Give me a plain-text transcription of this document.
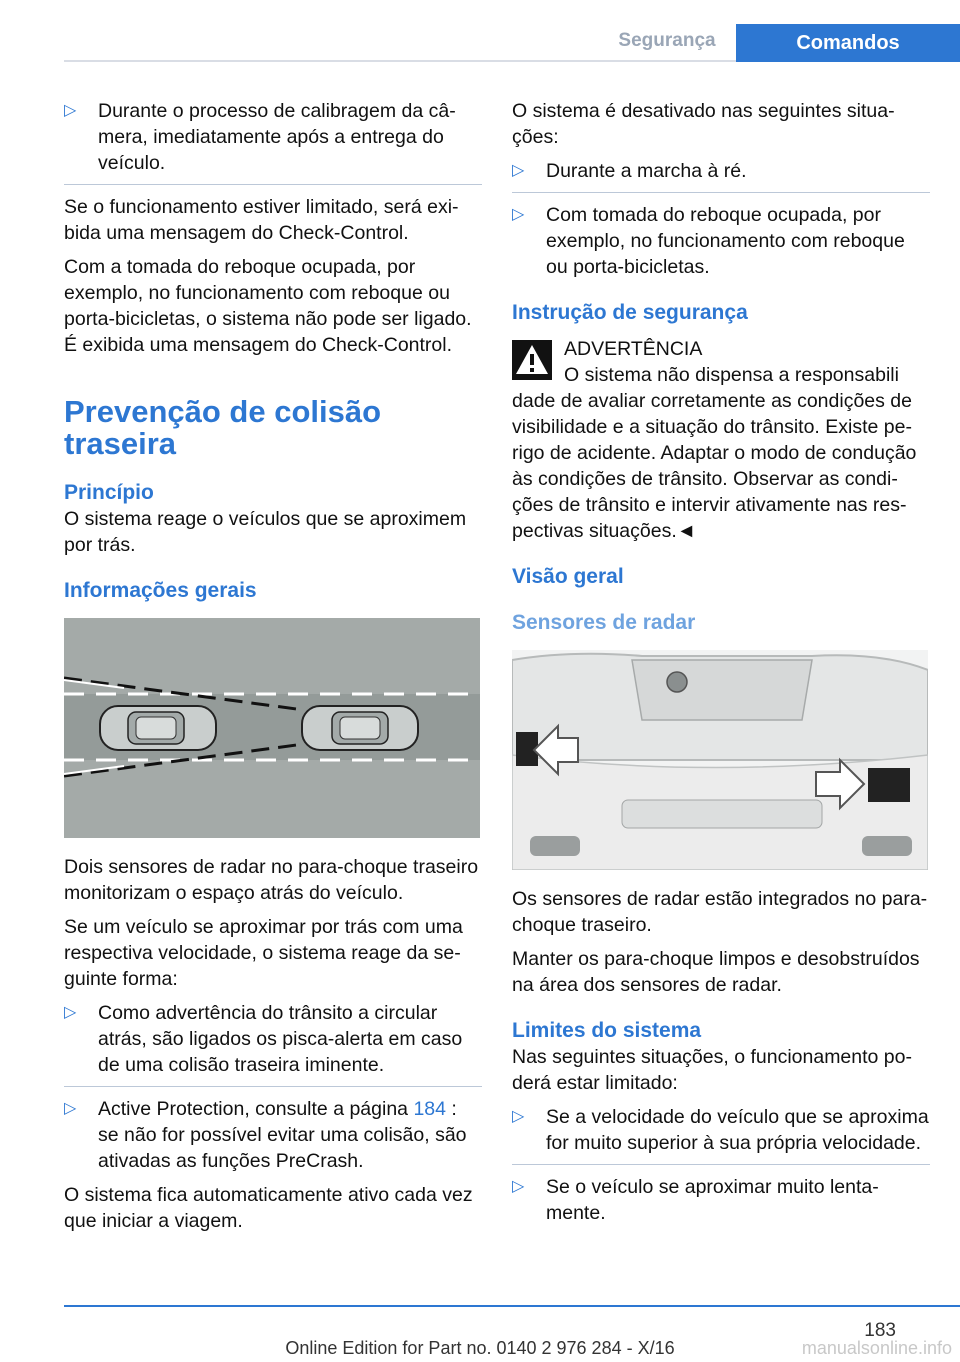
Segurança	Comandos
▷ Durante o processo de calibragem da câmera, imediatamente após a entrega do veículo.

Se o funcionamento estiver limitado, será exibida uma mensagem do Check-Control.

Com a tomada do reboque ocupada, por exemplo, no funcionamento com reboque ou porta-bicicletas, o sistema não pode ser ligado. É exibida uma mensagem do Check-Control.

Prevenção de colisão traseira
Princípio

O sistema reage o veículos que se aproximem por trás.

Informações gerais

Dois sensores de radar no para-choque traseiro monitorizam o espaço atrás do veículo.

Se um veículo se aproximar por trás com uma respectiva velocidade, o sistema reage da seguinte forma:

▷ Como advertência do trânsito a circular atrás, são ligados os pisca-alerta em caso de uma colisão traseira iminente.
▷ Active Protection, consulte a página 184 : se não for possível evitar uma colisão, são ativadas as funções PreCrash.

O sistema fica automaticamente ativo cada vez que iniciar a viagem.

O sistema é desativado nas seguintes situações:

▷ Durante a marcha à ré.
▷ Com tomada do reboque ocupada, por exemplo, no funcionamento com reboque ou porta-bicicletas.
Instrução de segurança
ADVERTÊNCIA
O sistema não dispensa a responsabili

dade de avaliar corretamente as condições de visibilidade e a situação do trânsito. Existe perigo de acidente. Adaptar o modo de condução às condições de trânsito. Observar as condições de trânsito e intervir ativamente nas respectivas situações.◄

Visão geral
Sensores de radar

Os sensores de radar estão integrados no para-choque traseiro.

Manter os para-choque limpos e desobstruídos na área dos sensores de radar.

Limites do sistema

Nas seguintes situações, o funcionamento poderá estar limitado:

▷ Se a velocidade do veículo que se aproxima for muito superior à sua própria velocidade.
▷ Se o veículo se aproximar muito lentamente.
183
Online Edition for Part no. 0140 2 976 284 - X/16	manualsonline.info
